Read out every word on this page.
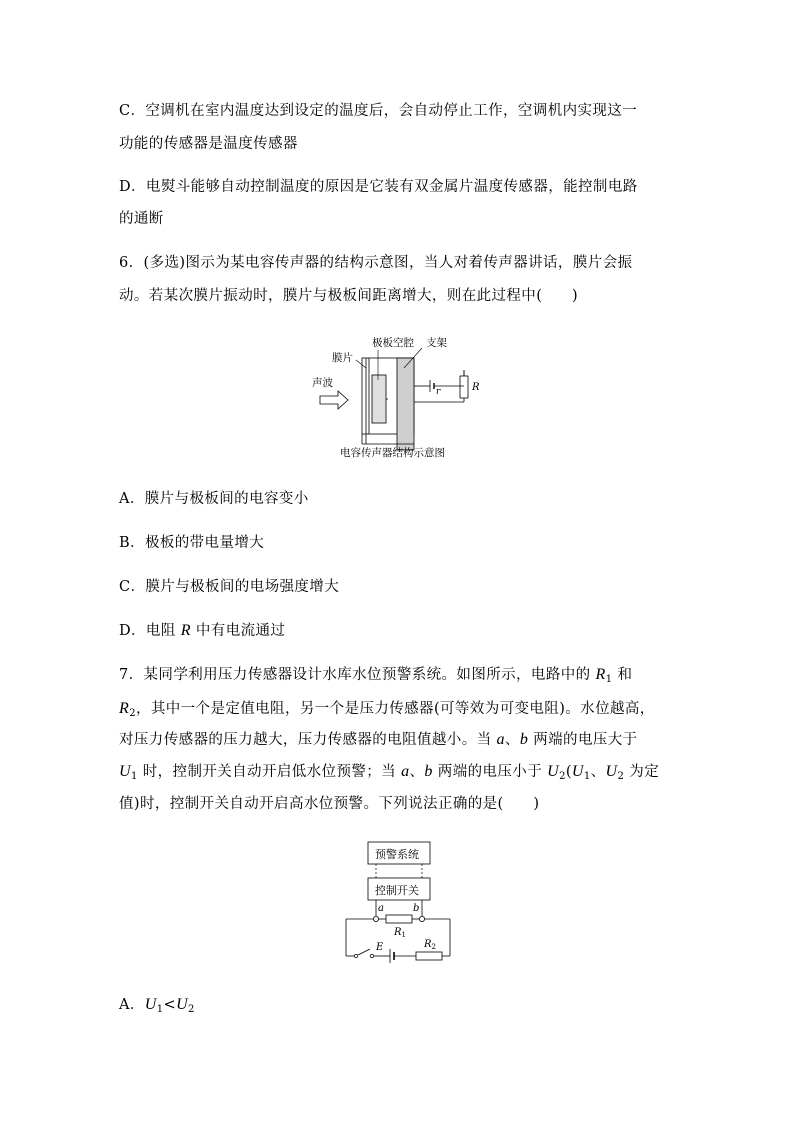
C．空调机在室内温度达到设定的温度后，会自动停止工作，空调机内实现这一
功能的传感器是温度传感器
D．电熨斗能够自动控制温度的原因是它装有双金属片温度传感器，能控制电路
的通断
6．(多选)图示为某电容传声器的结构示意图，当人对着传声器讲话，膜片会振
动。若某次膜片振动时，膜片与极板间距离增大，则在此过程中(　　)
极板空腔 支架
膜片
声波
r	R
电容传声器结构示意图
A．膜片与极板间的电容变小
B．极板的带电量增大
C．膜片与极板间的电场强度增大
D．电阻 R 中有电流通过
7．某同学利用压力传感器设计水库水位预警系统。如图所示，电路中的 $R_1$ 和
$R_2$，其中一个是定值电阻，另一个是压力传感器(可等效为可变电阻)。水位越高，
对压力传感器的压力越大，压力传感器的电阻值越小。当 a、b 两端的电压大于
$U_1$ 时，控制开关自动开启低水位预警；当 a、b 两端的电压小于 $U_2(U_1$、$U_2$ 为定
值)时，控制开关自动开启高水位预警。下列说法正确的是(　　)
预警系统
控制开关
a	b
$R_1$
E	$R_2$
A．$U_1<U_2$
